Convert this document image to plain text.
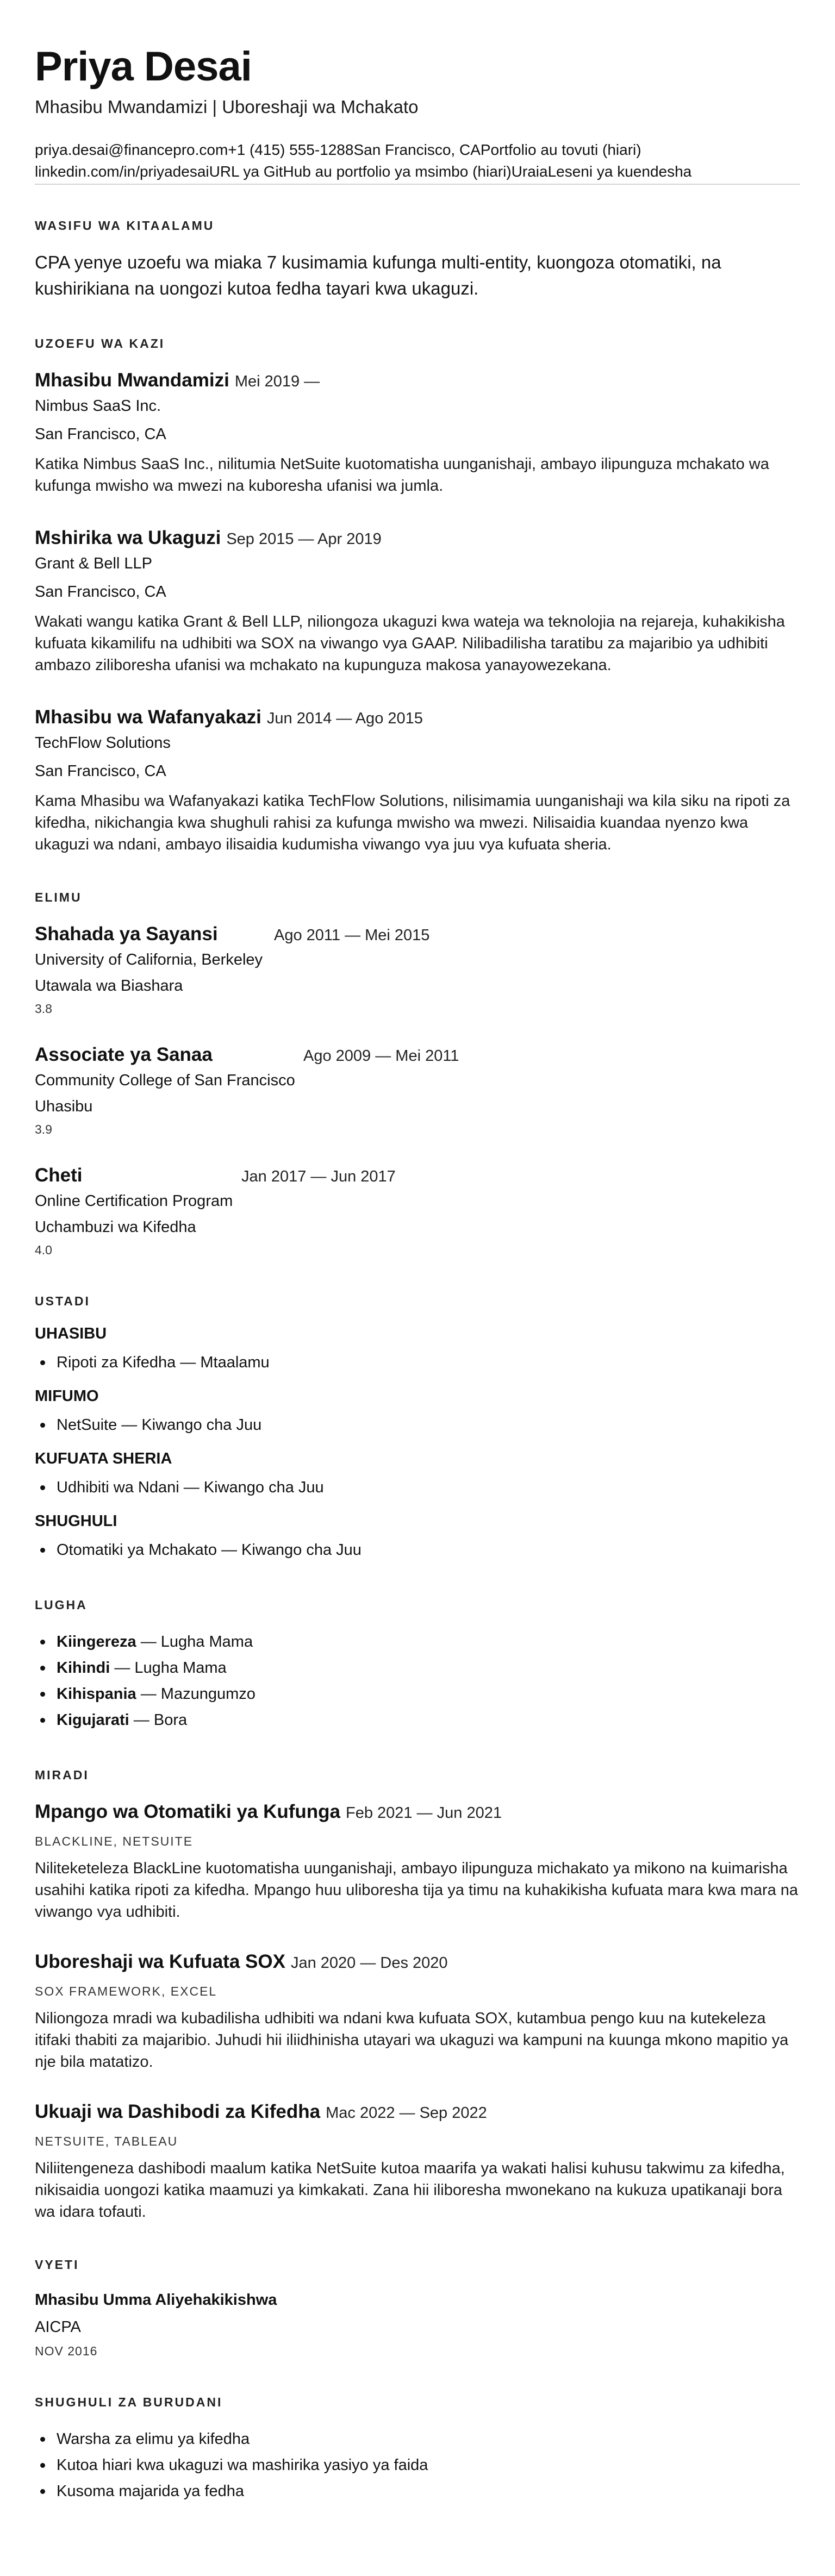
Priya Desai
Mhasibu Mwandamizi | Uboreshaji wa Mchakato
priya.desai@financepro.com+1 (415) 555-1288San Francisco, CAPortfolio au tovuti (hiari)
linkedin.com/in/priyadesaiURL ya GitHub au portfolio ya msimbo (hiari)UraiaLeseni ya kuendesha
WASIFU WA KITAALAMU

CPA yenye uzoefu wa miaka 7 kusimamia kufunga multi-entity, kuongoza otomatiki, na kushirikiana na uongozi kutoa fedha tayari kwa ukaguzi.

UZOEFU WA KAZI
Mhasibu Mwandamizi Mei 2019 —
Nimbus SaaS Inc.
San Francisco, CA

Katika Nimbus SaaS Inc., nilitumia NetSuite kuotomatisha uunganishaji, ambayo ilipunguza mchakato wa kufunga mwisho wa mwezi na kuboresha ufanisi wa jumla.

Mshirika wa Ukaguzi Sep 2015 — Apr 2019
Grant & Bell LLP
San Francisco, CA

Wakati wangu katika Grant & Bell LLP, niliongoza ukaguzi kwa wateja wa teknolojia na rejareja, kuhakikisha kufuata kikamilifu na udhibiti wa SOX na viwango vya GAAP. Nilibadilisha taratibu za majaribio ya udhibiti ambazo ziliboresha ufanisi wa mchakato na kupunguza makosa yanayowezekana.

Mhasibu wa Wafanyakazi Jun 2014 — Ago 2015
TechFlow Solutions
San Francisco, CA

Kama Mhasibu wa Wafanyakazi katika TechFlow Solutions, nilisimamia uunganishaji wa kila siku na ripoti za kifedha, nikichangia kwa shughuli rahisi za kufunga mwisho wa mwezi. Nilisaidia kuandaa nyenzo kwa ukaguzi wa ndani, ambayo ilisaidia kudumisha viwango vya juu vya kufuata sheria.

ELIMU
Shahada ya Sayansi	Ago 2011 — Mei 2015
University of California, Berkeley
Utawala wa Biashara
3.8
Associate ya Sanaa	Ago 2009 — Mei 2011
Community College of San Francisco
Uhasibu
3.9
Cheti	Jan 2017 — Jun 2017
Online Certification Program
Uchambuzi wa Kifedha
4.0
USTADI
UHASIBU
Ripoti za Kifedha — Mtaalamu
MIFUMO
NetSuite — Kiwango cha Juu
KUFUATA SHERIA
Udhibiti wa Ndani — Kiwango cha Juu
SHUGHULI
Otomatiki ya Mchakato — Kiwango cha Juu
LUGHA
Kiingereza — Lugha Mama
Kihindi — Lugha Mama
Kihispania — Mazungumzo
Kigujarati — Bora
MIRADI
Mpango wa Otomatiki ya Kufunga Feb 2021 — Jun 2021
BLACKLINE, NETSUITE

Niliteketeleza BlackLine kuotomatisha uunganishaji, ambayo ilipunguza michakato ya mikono na kuimarisha usahihi katika ripoti za kifedha. Mpango huu uliboresha tija ya timu na kuhakikisha kufuata mara kwa mara na viwango vya udhibiti.

Uboreshaji wa Kufuata SOX Jan 2020 — Des 2020
SOX FRAMEWORK, EXCEL

Niliongoza mradi wa kubadilisha udhibiti wa ndani kwa kufuata SOX, kutambua pengo kuu na kutekeleza itifaki thabiti za majaribio. Juhudi hii iliidhinisha utayari wa ukaguzi wa kampuni na kuunga mkono mapitio ya nje bila matatizo.

Ukuaji wa Dashibodi za Kifedha Mac 2022 — Sep 2022
NETSUITE, TABLEAU

Niliitengeneza dashibodi maalum katika NetSuite kutoa maarifa ya wakati halisi kuhusu takwimu za kifedha, nikisaidia uongozi katika maamuzi ya kimkakati. Zana hii iliboresha mwonekano na kukuza upatikanaji bora wa idara tofauti.

VYETI
Mhasibu Umma Aliyehakikishwa
AICPA
NOV 2016
SHUGHULI ZA BURUDANI
Warsha za elimu ya kifedha
Kutoa hiari kwa ukaguzi wa mashirika yasiyo ya faida
Kusoma majarida ya fedha
